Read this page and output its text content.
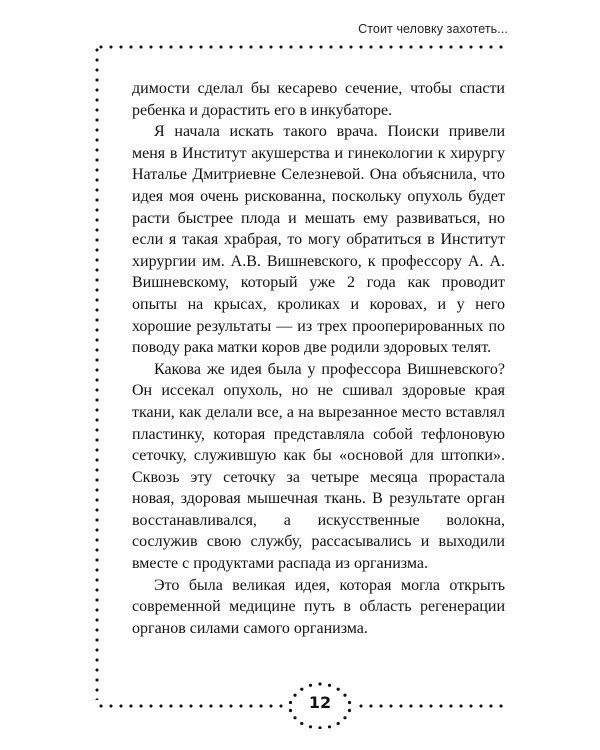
Стоит человку захотеть...
12

димости сделал бы кесарево сечение, чтобы спасти ребенка и дорастить его в инкубаторе.

Я начала искать такого врача. Поиски привели меня в Институт акушерства и гинекологии к хирургу Наталье Дмитриевне Селезневой. Она объяснила, что идея моя очень рискованна, поскольку опухоль будет расти быстрее плода и мешать ему развиваться, но если я такая храбрая, то могу обратиться в Институт хирургии им. А.В. Вишневского, к профессору А. А. Вишневскому, который уже 2 года как проводит опыты на крысах, кроликах и коровах, и у него хорошие результаты — из трех прооперированных по поводу рака матки коров две родили здоровых телят.

Какова же идея была у профессора Вишневского? Он иссекал опухоль, но не сшивал здоровые края ткани, как делали все, а на вырезанное место вставлял пластинку, которая представляла собой тефлоновую сеточку, служившую как бы «основой для штопки». Сквозь эту сеточку за четыре месяца прорастала новая, здоровая мышечная ткань. В результате орган восстанавливался, а искусственные волокна, сослужив свою службу, рассасывались и выходили вместе с продуктами распада из организма.

Это была великая идея, которая могла открыть современной медицине путь в область регенерации органов силами самого организма.
